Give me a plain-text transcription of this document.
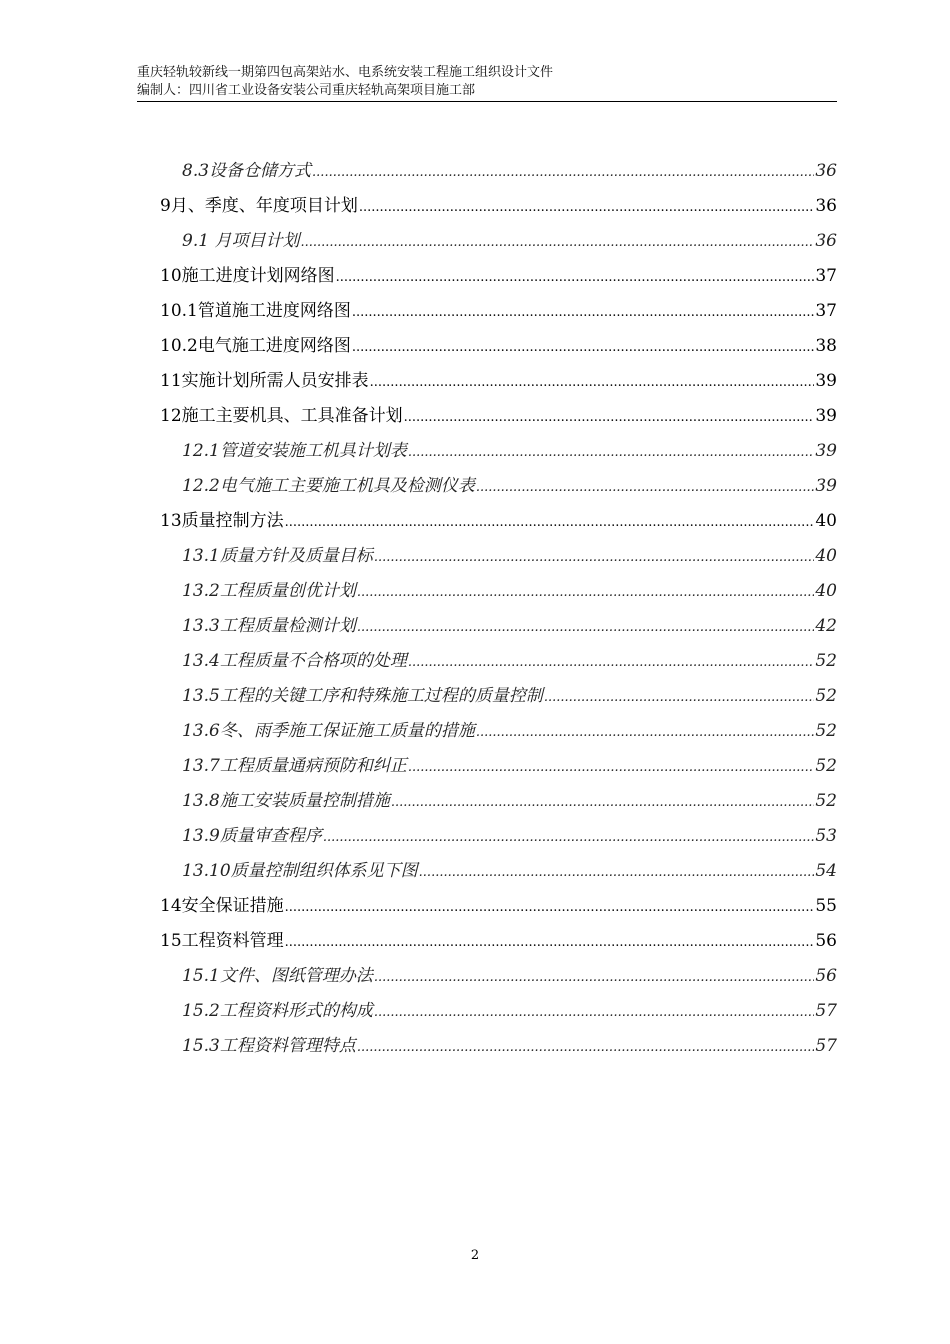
重庆轻轨较新线一期第四包高架站水、电系统安装工程施工组织设计文件
编制人：四川省工业设备安装公司重庆轻轨高架项目施工部
8.3设备仓储方式 .....	36
9月、季度、年度项目计划 .....	36
9.1 月项目计划 .....	36
10施工进度计划网络图 .....	37
10.1管道施工进度网络图 .....	37
10.2电气施工进度网络图 .....	38
11实施计划所需人员安排表 .....	39
12施工主要机具、工具准备计划 .....	39
12.1管道安装施工机具计划表 .....	39
12.2电气施工主要施工机具及检测仪表 .....	39
13质量控制方法 .....	40
13.1质量方针及质量目标 .....	40
13.2工程质量创优计划 .....	40
13.3工程质量检测计划 .....	42
13.4工程质量不合格项的处理 .....	52
13.5工程的关键工序和特殊施工过程的质量控制 .....	52
13.6冬、雨季施工保证施工质量的措施 .....	52
13.7工程质量通病预防和纠正 .....	52
13.8施工安装质量控制措施 .....	52
13.9质量审查程序 .....	53
13.10质量控制组织体系见下图 .....	54
14安全保证措施 .....	55
15工程资料管理 .....	56
15.1文件、图纸管理办法 .....	56
15.2工程资料形式的构成 .....	57
15.3工程资料管理特点 .....	57
2
